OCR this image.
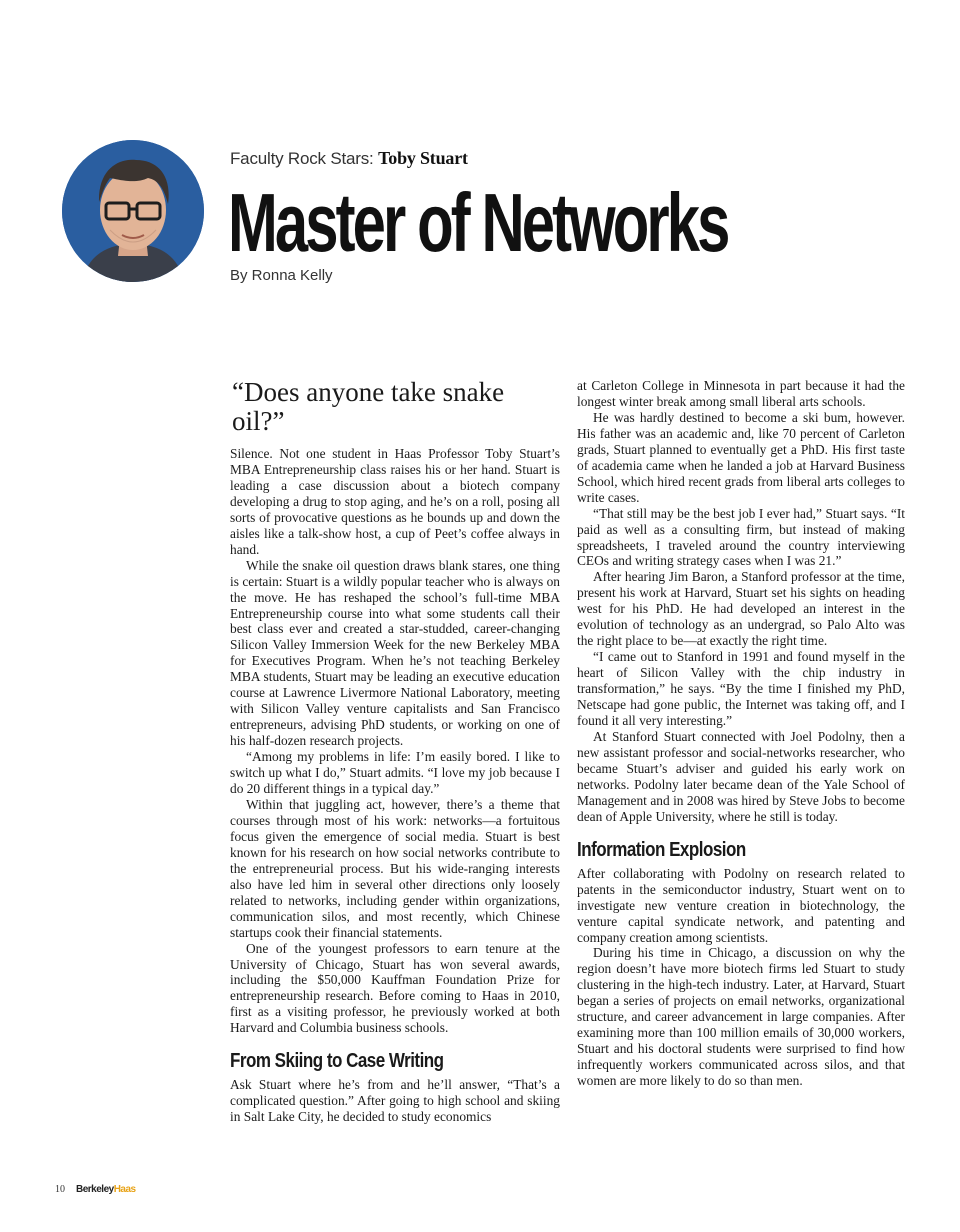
Faculty Rock Stars: Toby Stuart
Master of Networks
By Ronna Kelly
“Does anyone take snake oil?”

Silence. Not one student in Haas Professor Toby Stuart’s MBA Entrepreneurship class raises his or her hand. Stuart is leading a case discussion about a biotech company developing a drug to stop aging, and he’s on a roll, posing all sorts of provocative questions as he bounds up and down the aisles like a talk-show host, a cup of Peet’s coffee always in hand.

While the snake oil question draws blank stares, one thing is certain: Stuart is a wildly popular teacher who is always on the move. He has reshaped the school’s full-time MBA Entrepreneurship course into what some students call their best class ever and created a star-studded, career-changing Silicon Valley Immersion Week for the new Berkeley MBA for Executives Program. When he’s not teaching Berkeley MBA students, Stuart may be leading an executive education course at Lawrence Livermore National Laboratory, meeting with Silicon Valley venture capitalists and San Francisco entrepreneurs, advising PhD students, or working on one of his half-dozen research projects.

“Among my problems in life: I’m easily bored. I like to switch up what I do,” Stuart admits. “I love my job because I do 20 different things in a typical day.”

Within that juggling act, however, there’s a theme that courses through most of his work: networks—a fortuitous focus given the emergence of social media. Stuart is best known for his research on how social networks contribute to the entrepreneurial process. But his wide-ranging interests also have led him in several other directions only loosely related to networks, including gender within organizations, communication silos, and most recently, which Chinese startups cook their financial statements.

One of the youngest professors to earn tenure at the University of Chicago, Stuart has won several awards, including the $50,000 Kauffman Foundation Prize for entrepreneurship research. Before coming to Haas in 2010, first as a visiting professor, he previously worked at both Harvard and Columbia business schools.

From Skiing to Case Writing

Ask Stuart where he’s from and he’ll answer, “That’s a complicated question.” After going to high school and skiing in Salt Lake City, he decided to study economics

at Carleton College in Minnesota in part because it had the longest winter break among small liberal arts schools.

He was hardly destined to become a ski bum, however. His father was an academic and, like 70 percent of Carleton grads, Stuart planned to eventually get a PhD. His first taste of academia came when he landed a job at Harvard Business School, which hired recent grads from liberal arts colleges to write cases.

“That still may be the best job I ever had,” Stuart says. “It paid as well as a consulting firm, but instead of making spreadsheets, I traveled around the country interviewing CEOs and writing strategy cases when I was 21.”

After hearing Jim Baron, a Stanford professor at the time, present his work at Harvard, Stuart set his sights on heading west for his PhD. He had developed an interest in the evolution of technology as an undergrad, so Palo Alto was the right place to be—at exactly the right time.

“I came out to Stanford in 1991 and found myself in the heart of Silicon Valley with the chip industry in transformation,” he says. “By the time I finished my PhD, Netscape had gone public, the Internet was taking off, and I found it all very interesting.”

At Stanford Stuart connected with Joel Podolny, then a new assistant professor and social-networks researcher, who became Stuart’s adviser and guided his early work on networks. Podolny later became dean of the Yale School of Management and in 2008 was hired by Steve Jobs to become dean of Apple University, where he still is today.

Information Explosion

After collaborating with Podolny on research related to patents in the semiconductor industry, Stuart went on to investigate new venture creation in biotechnology, the venture capital syndicate network, and patenting and company creation among scientists.

During his time in Chicago, a discussion on why the region doesn’t have more biotech firms led Stuart to study clustering in the high-tech industry. Later, at Harvard, Stuart began a series of projects on email networks, organizational structure, and career advancement in large companies. After examining more than 100 million emails of 30,000 workers, Stuart and his doctoral students were surprised to find how infrequently workers communicated across silos, and that women are more likely to do so than men.

10 BerkeleyHaas
